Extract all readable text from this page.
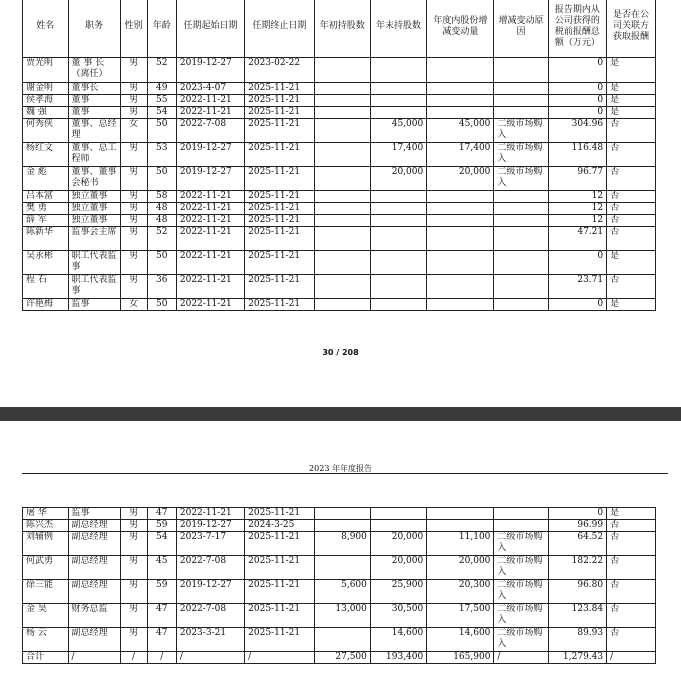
姓名	职务	性别	年龄	任期起始日期	任期终止日期	年初持股数	年末持股数	年度内股份增减变动量	增减变动原因	报告期内从公司获得的税前报酬总额（万元）	是否在公司关联方获取报酬
贾光明	董 事 长（离任）	男	52	2019-12-27	2023-02-22					0	是
谢金明	董事长	男	49	2023-4-07	2025-11-21					0	是
侯孝海	董事	男	55	2022-11-21	2025-11-21					0	是
魏 强	董事	男	54	2022-11-21	2025-11-21					0	是
何秀侠	董事、总经理	女	50	2022-7-08	2025-11-21		45,000	45,000	二级市场购入	304.96	否
杨红文	董事、总工程师	男	53	2019-12-27	2025-11-21		17,400	17,400	二级市场购入	116.48	否
金 彪	董事、董事会秘书	男	50	2019-12-27	2025-11-21		20,000	20,000	二级市场购入	96.77	否
吕本富	独立董事	男	58	2022-11-21	2025-11-21					12	否
樊 勇	独立董事	男	48	2022-11-21	2025-11-21					12	否
薛 军	独立董事	男	48	2022-11-21	2025-11-21					12	否
陈新华	监事会主席	男	52	2022-11-21	2025-11-21					47.21	否
吴永彬	职工代表监事	男	50	2022-11-21	2025-11-21					0	是
程 石	职工代表监事	男	36	2022-11-21	2025-11-21					23.71	否
许艳梅	监事	女	50	2022-11-21	2025-11-21					0	是
30 / 208
2023 年年度报告
屠 华	监事	男	47	2022-11-21	2025-11-21					0	是
陈兴杰	副总经理	男	59	2019-12-27	2024-3-25					96.99	否
刘辅例	副总经理	男	54	2023-7-17	2025-11-21	8,900	20,000	11,100	二级市场购入	64.52	否
何武勇	副总经理	男	45	2022-7-08	2025-11-21		20,000	20,000	二级市场购入	182.22	否
徐三能	副总经理	男	59	2019-12-27	2025-11-21	5,600	25,900	20,300	二级市场购入	96.80	否
金 昊	财务总监	男	47	2022-7-08	2025-11-21	13,000	30,500	17,500	二级市场购入	123.84	否
杨 云	副总经理	男	47	2023-3-21	2025-11-21		14,600	14,600	二级市场购入	89.93	否
合计	/	/	/	/	/	27,500	193,400	165,900	/	1,279.43	/
